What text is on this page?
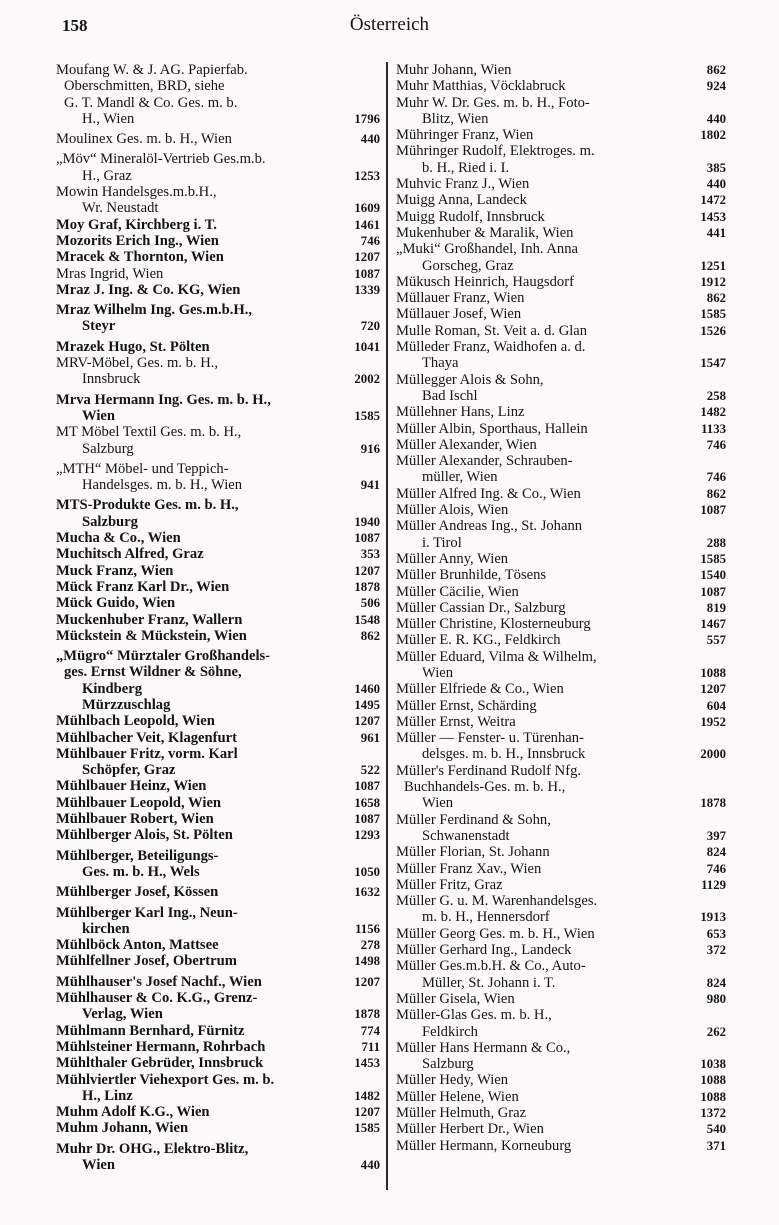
158	Österreich
Moufang W. & J. AG. Papierfab.
Oberschmitten, BRD, siehe
G. T. Mandl & Co. Ges. m. b.
H., Wien	1796
Moulinex Ges. m. b. H., Wien	440
„Möv“ Mineralöl-Vertrieb Ges.m.b.
H., Graz	1253
Mowin Handelsges.m.b.H.,
Wr. Neustadt	1609
Moy Graf, Kirchberg i. T.	1461
Mozorits Erich Ing., Wien	746
Mracek & Thornton, Wien	1207
Mras Ingrid, Wien	1087
Mraz J. Ing. & Co. KG, Wien	1339
Mraz Wilhelm Ing. Ges.m.b.H.,
Steyr	720
Mrazek Hugo, St. Pölten	1041
MRV-Möbel, Ges. m. b. H.,
Innsbruck	2002
Mrva Hermann Ing. Ges. m. b. H.,
Wien	1585
MT Möbel Textil Ges. m. b. H.,
Salzburg	916
„MTH“ Möbel- und Teppich-
Handelsges. m. b. H., Wien	941
MTS-Produkte Ges. m. b. H.,
Salzburg	1940
Mucha & Co., Wien	1087
Muchitsch Alfred, Graz	353
Muck Franz, Wien	1207
Mück Franz Karl Dr., Wien	1878
Mück Guido, Wien	506
Muckenhuber Franz, Wallern	1548
Mückstein & Mückstein, Wien	862
„Mügro“ Mürztaler Großhandels-
ges. Ernst Wildner & Söhne,
Kindberg	1460
Mürzzuschlag	1495
Mühlbach Leopold, Wien	1207
Mühlbacher Veit, Klagenfurt	961
Mühlbauer Fritz, vorm. Karl
Schöpfer, Graz	522
Mühlbauer Heinz, Wien	1087
Mühlbauer Leopold, Wien	1658
Mühlbauer Robert, Wien	1087
Mühlberger Alois, St. Pölten	1293
Mühlberger, Beteiligungs-
Ges. m. b. H., Wels	1050
Mühlberger Josef, Kössen	1632
Mühlberger Karl Ing., Neun-
kirchen	1156
Mühlböck Anton, Mattsee	278
Mühlfellner Josef, Obertrum	1498
Mühlhauser's Josef Nachf., Wien	1207
Mühlhauser & Co. K.G., Grenz-
Verlag, Wien	1878
Mühlmann Bernhard, Fürnitz	774
Mühlsteiner Hermann, Rohrbach	711
Mühlthaler Gebrüder, Innsbruck	1453
Mühlviertler Viehexport Ges. m. b.
H., Linz	1482
Muhm Adolf K.G., Wien	1207
Muhm Johann, Wien	1585
Muhr Dr. OHG., Elektro-Blitz,
Wien	440
Muhr Johann, Wien	862
Muhr Matthias, Vöcklabruck	924
Muhr W. Dr. Ges. m. b. H., Foto-
Blitz, Wien	440
Mühringer Franz, Wien	1802
Mühringer Rudolf, Elektroges. m.
b. H., Ried i. I.	385
Muhvic Franz J., Wien	440
Muigg Anna, Landeck	1472
Muigg Rudolf, Innsbruck	1453
Mukenhuber & Maralik, Wien	441
„Muki“ Großhandel, Inh. Anna
Gorscheg, Graz	1251
Mükusch Heinrich, Haugsdorf	1912
Müllauer Franz, Wien	862
Müllauer Josef, Wien	1585
Mulle Roman, St. Veit a. d. Glan	1526
Mülleder Franz, Waidhofen a. d.
Thaya	1547
Müllegger Alois & Sohn,
Bad Ischl	258
Müllehner Hans, Linz	1482
Müller Albin, Sporthaus, Hallein	1133
Müller Alexander, Wien	746
Müller Alexander, Schrauben-
müller, Wien	746
Müller Alfred Ing. & Co., Wien	862
Müller Alois, Wien	1087
Müller Andreas Ing., St. Johann
i. Tirol	288
Müller Anny, Wien	1585
Müller Brunhilde, Tösens	1540
Müller Cäcilie, Wien	1087
Müller Cassian Dr., Salzburg	819
Müller Christine, Klosterneuburg	1467
Müller E. R. KG., Feldkirch	557
Müller Eduard, Vilma & Wilhelm,
Wien	1088
Müller Elfriede & Co., Wien	1207
Müller Ernst, Schärding	604
Müller Ernst, Weitra	1952
Müller — Fenster- u. Türenhan-
delsges. m. b. H., Innsbruck	2000
Müller's Ferdinand Rudolf Nfg.
Buchhandels-Ges. m. b. H.,
Wien	1878
Müller Ferdinand & Sohn,
Schwanenstadt	397
Müller Florian, St. Johann	824
Müller Franz Xav., Wien	746
Müller Fritz, Graz	1129
Müller G. u. M. Warenhandelsges.
m. b. H., Hennersdorf	1913
Müller Georg Ges. m. b. H., Wien	653
Müller Gerhard Ing., Landeck	372
Müller Ges.m.b.H. & Co., Auto-
Müller, St. Johann i. T.	824
Müller Gisela, Wien	980
Müller-Glas Ges. m. b. H.,
Feldkirch	262
Müller Hans Hermann & Co.,
Salzburg	1038
Müller Hedy, Wien	1088
Müller Helene, Wien	1088
Müller Helmuth, Graz	1372
Müller Herbert Dr., Wien	540
Müller Hermann, Korneuburg	371
